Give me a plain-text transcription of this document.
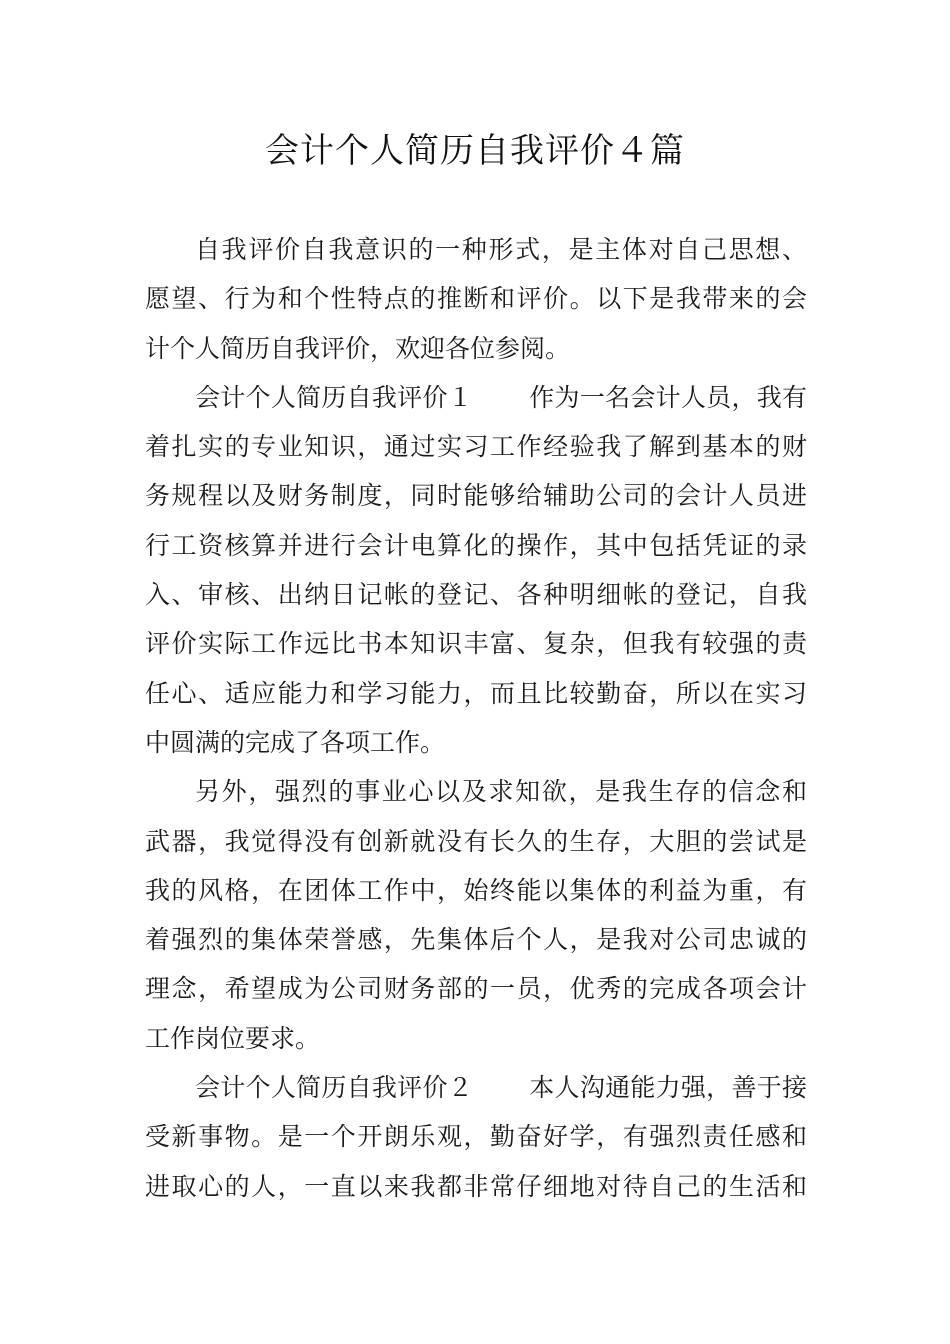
会计个人简历自我评价４篇

自我评价自我意识的一种形式，是主体对自己思想、
愿望、行为和个性特点的推断和评价。以下是我带来的会
计个人简历自我评价，欢迎各位参阅。

会计个人简历自我评价１ 作为一名会计人员，我有
着扎实的专业知识，通过实习工作经验我了解到基本的财
务规程以及财务制度，同时能够给辅助公司的会计人员进
行工资核算并进行会计电算化的操作，其中包括凭证的录
入、审核、出纳日记帐的登记、各种明细帐的登记，自我
评价实际工作远比书本知识丰富、复杂，但我有较强的责
任心、适应能力和学习能力，而且比较勤奋，所以在实习
中圆满的完成了各项工作。

另外，强烈的事业心以及求知欲，是我生存的信念和
武器，我觉得没有创新就没有长久的生存，大胆的尝试是
我的风格，在团体工作中，始终能以集体的利益为重，有
着强烈的集体荣誉感，先集体后个人，是我对公司忠诚的
理念，希望成为公司财务部的一员，优秀的完成各项会计
工作岗位要求。

会计个人简历自我评价２ 本人沟通能力强，善于接
受新事物。是一个开朗乐观，勤奋好学，有强烈责任感和
进取心的人，一直以来我都非常仔细地对待自己的生活和
